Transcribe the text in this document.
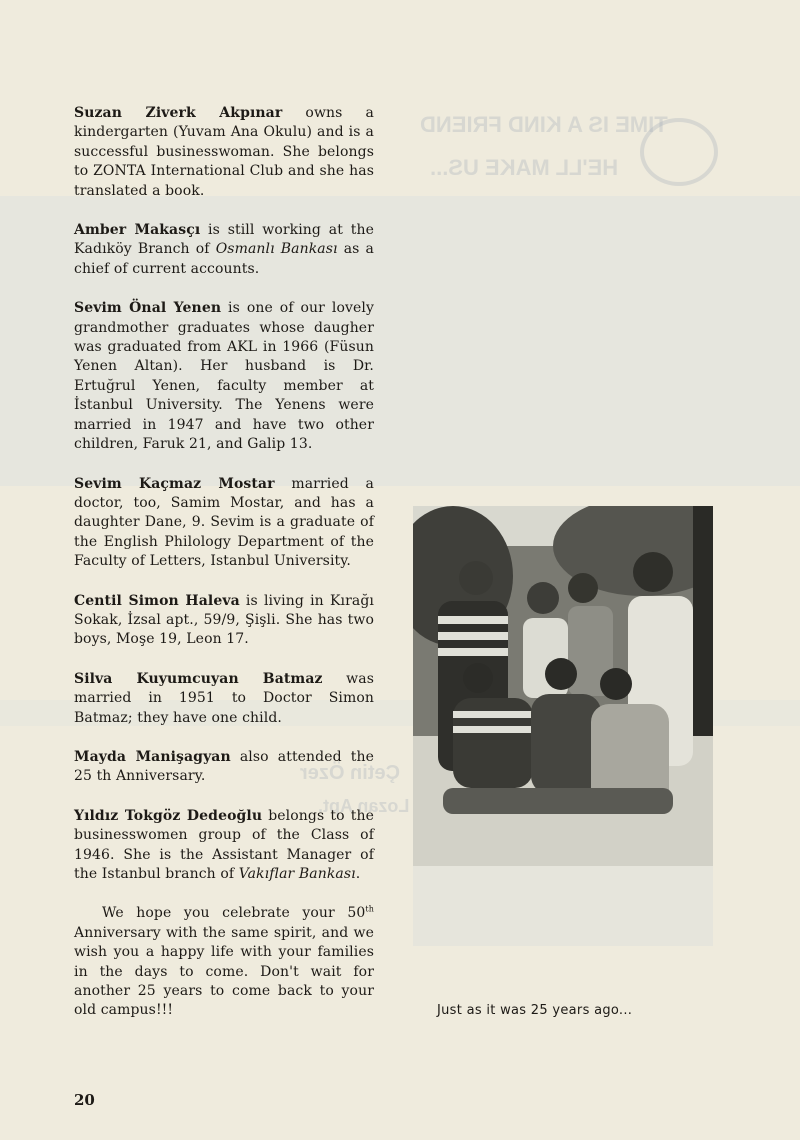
TIME IS A KIND FRIEND
HE'LL MAKE US...
Çetin Özer
Lozan Apt.

Suzan Ziverk Akpınar owns a kindergarten (Yuvam Ana Okulu) and is a successful businesswoman. She belongs to ZONTA International Club and she has translated a book.

Amber Makasçı is still working at the Kadıköy Branch of Osmanlı Bankası as a chief of current accounts.

Sevim Önal Yenen is one of our lovely grandmother graduates whose daugher was graduated from AKL in 1966 (Füsun Yenen Altan). Her husband is Dr. Ertuğrul Yenen, faculty member at İstanbul University. The Yenens were married in 1947 and have two other children, Faruk 21, and Galip 13.

Sevim Kaçmaz Mostar married a doctor, too, Samim Mostar, and has a daughter Dane, 9. Sevim is a graduate of the English Philology Department of the Faculty of Letters, Istanbul University.

Centil Simon Haleva is living in Kırağı Sokak, İzsal apt., 59/9, Şişli. She has two boys, Moşe 19, Leon 17.

Silva Kuyumcuyan Batmaz was married in 1951 to Doctor Simon Batmaz; they have one child.

Mayda Manişagyan also attended the 25 th Anniversary.

Yıldız Tokgöz Dedeoğlu belongs to the businesswomen group of the Class of 1946. She is the Assistant Manager of the Istanbul branch of Vakıflar Bankası.

We hope you celebrate your 50th Anniversary with the same spirit, and we wish you a happy life with your families in the days to come. Don't wait for another 25 years to come back to your old campus!!!	Just as it was 25 years ago...
20
